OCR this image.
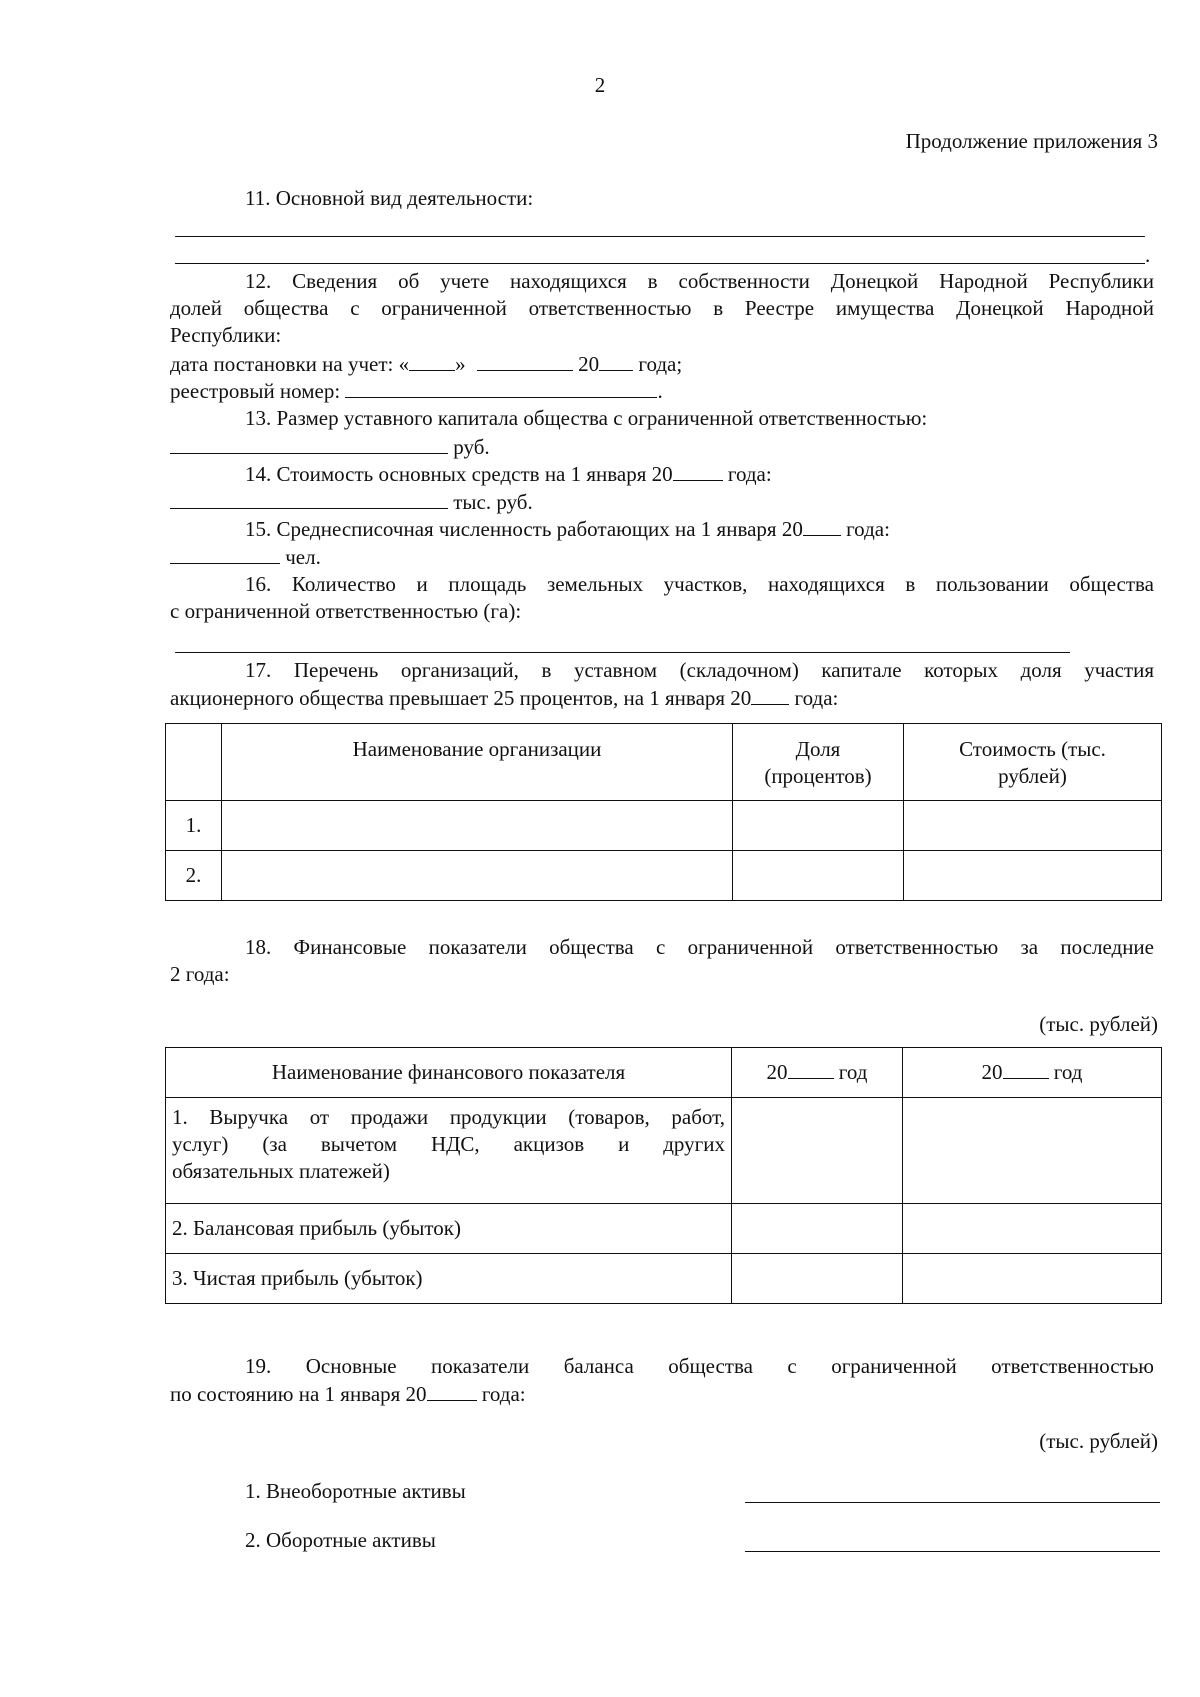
2
Продолжение приложения 3
11. Основной вид деятельности:
.
12. Сведения об учете находящихся в собственности Донецкой Народной Республики
долей общества с ограниченной ответственностью в Реестре имущества Донецкой Народной
Республики:
дата постановки на учет: « »	20 года;
реестровый номер:	.
13. Размер уставного капитала общества с ограниченной ответственностью:
руб.
14. Стоимость основных средств на 1 января 20	года:
тыс. руб.
15. Среднесписочная численность работающих на 1 января 20 года:
чел.
16. Количество и площадь земельных участков, находящихся в пользовании общества
с ограниченной ответственностью (га):
17. Перечень организаций, в уставном (складочном) капитале которых доля участия
акционерного общества превышает 25 процентов, на 1 января 20 года:

	Наименование организации	Доля (процентов)	Стоимость (тыс. рублей)

1.			
2.			
18. Финансовые показатели общества с ограниченной ответственностью за последние
2 года:
(тыс. рублей)
Наименование финансового показателя	20 год	20 год

1. Выручка от продажи продукции (товаров, работ,
услуг) (за вычетом НДС, акцизов и других
обязательных платежей)		

2. Балансовая прибыль (убыток)		
3. Чистая прибыль (убыток)		
19. Основные показатели баланса общества с ограниченной ответственностью
по состоянию на 1 января 20	года:
(тыс. рублей)
1. Внеоборотные активы
2. Оборотные активы
